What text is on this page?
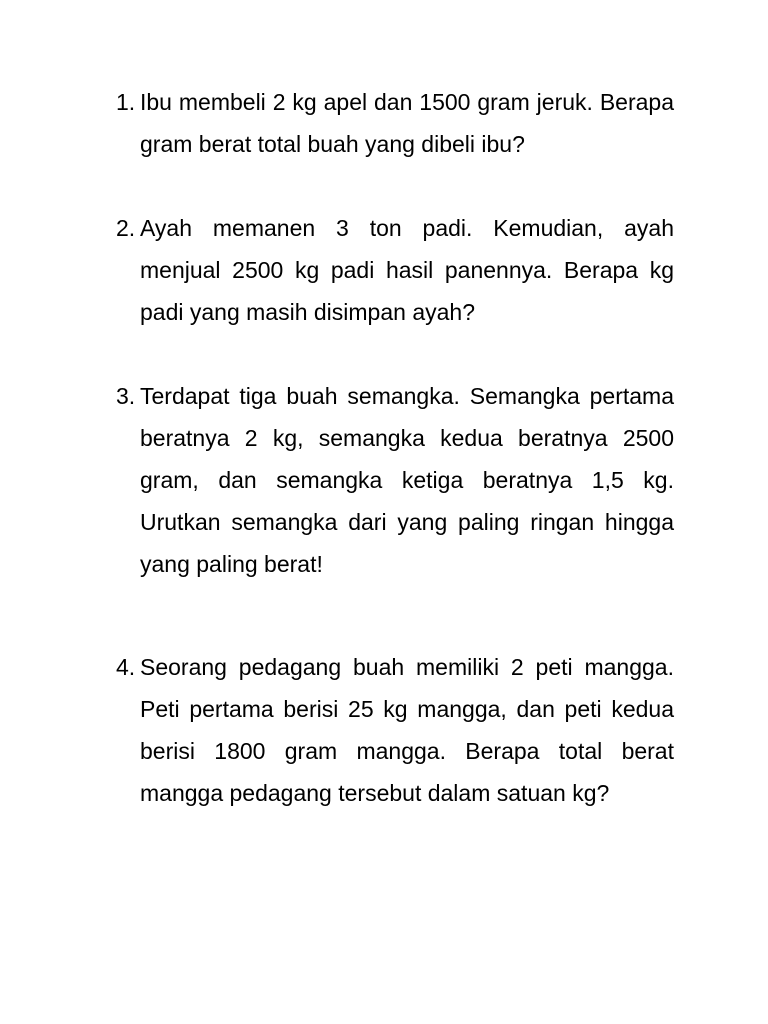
1. Ibu membeli 2 kg apel dan 1500 gram jeruk. Berapa gram berat total buah yang dibeli ibu?
2. Ayah memanen 3 ton padi. Kemudian, ayah menjual 2500 kg padi hasil panennya. Berapa kg padi yang masih disimpan ayah?
3. Terdapat tiga buah semangka. Semangka pertama beratnya 2 kg, semangka kedua beratnya 2500 gram, dan semangka ketiga beratnya 1,5 kg. Urutkan semangka dari yang paling ringan hingga yang paling berat!
4. Seorang pedagang buah memiliki 2 peti mangga. Peti pertama berisi 25 kg mangga, dan peti kedua berisi 1800 gram mangga. Berapa total berat mangga pedagang tersebut dalam satuan kg?
